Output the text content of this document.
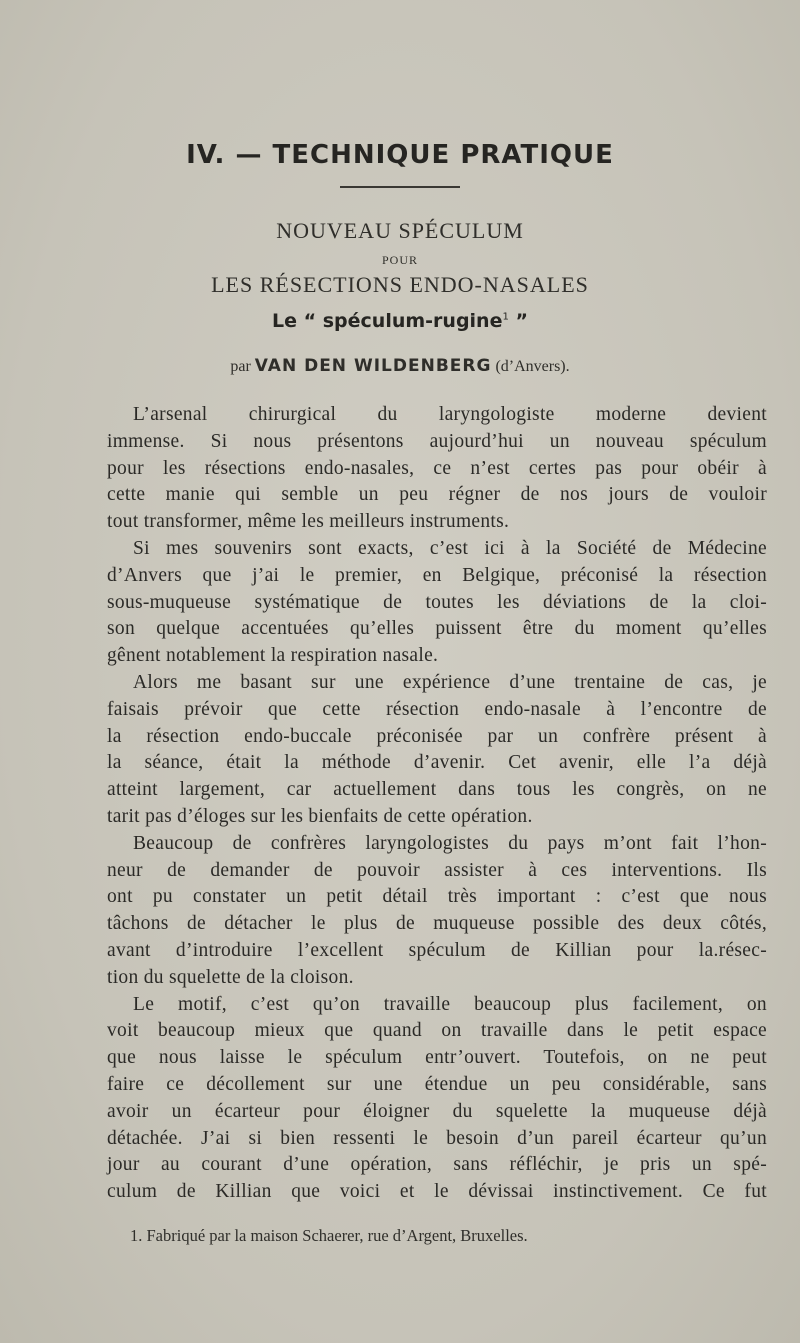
IV. — TECHNIQUE PRATIQUE
NOUVEAU SPÉCULUM
POUR
LES RÉSECTIONS ENDO-NASALES
Le “ spéculum-rugine$^1$ ”
par VAN DEN WILDENBERG (d’Anvers).
L’arsenal chirurgical du laryngologiste moderne devient
immense. Si nous présentons aujourd’hui un nouveau spéculum
pour les résections endo-nasales, ce n’est certes pas pour obéir à
cette manie qui semble un peu régner de nos jours de vouloir
tout transformer, même les meilleurs instruments.
Si mes souvenirs sont exacts, c’est ici à la Société de Médecine
d’Anvers que j’ai le premier, en Belgique, préconisé la résection
sous-muqueuse systématique de toutes les déviations de la cloi-
son quelque accentuées qu’elles puissent être du moment qu’elles
gênent notablement la respiration nasale.
Alors me basant sur une expérience d’une trentaine de cas, je
faisais prévoir que cette résection endo-nasale à l’encontre de
la résection endo-buccale préconisée par un confrère présent à
la séance, était la méthode d’avenir. Cet avenir, elle l’a déjà
atteint largement, car actuellement dans tous les congrès, on ne
tarit pas d’éloges sur les bienfaits de cette opération.
Beaucoup de confrères laryngologistes du pays m’ont fait l’hon-
neur de demander de pouvoir assister à ces interventions. Ils
ont pu constater un petit détail très important : c’est que nous
tâchons de détacher le plus de muqueuse possible des deux côtés,
avant d’introduire l’excellent spéculum de Killian pour la.résec-
tion du squelette de la cloison.
Le motif, c’est qu’on travaille beaucoup plus facilement, on
voit beaucoup mieux que quand on travaille dans le petit espace
que nous laisse le spéculum entr’ouvert. Toutefois, on ne peut
faire ce décollement sur une étendue un peu considérable, sans
avoir un écarteur pour éloigner du squelette la muqueuse déjà
détachée. J’ai si bien ressenti le besoin d’un pareil écarteur qu’un
jour au courant d’une opération, sans réfléchir, je pris un spé-
culum de Killian que voici et le dévissai instinctivement. Ce fut
1. Fabriqué par la maison Schaerer, rue d’Argent, Bruxelles.
